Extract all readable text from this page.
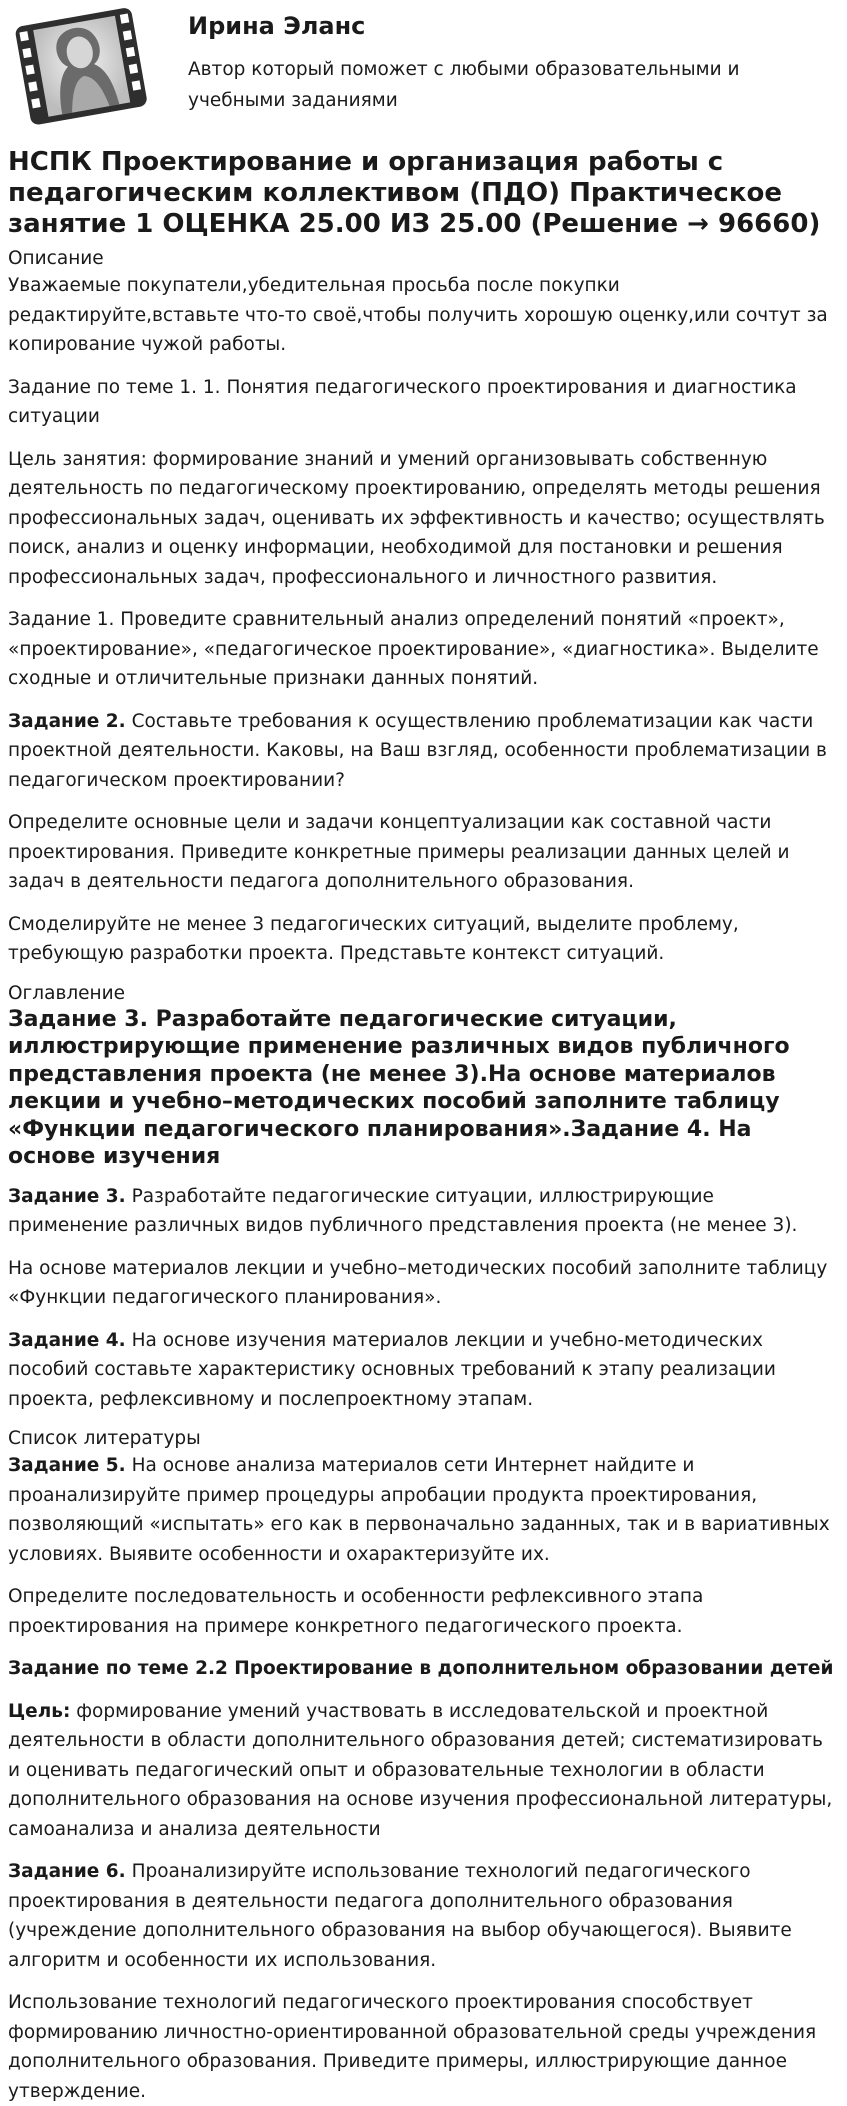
Ирина Эланс
Автор который поможет с любыми образовательными и
учебными заданиями
НСПК Проектирование и организация работы с педагогическим коллективом (ПДО) Практическое занятие 1 ОЦЕНКА 25.00 ИЗ 25.00 (Решение → 96660)
Описание

Уважаемые покупатели,убедительная просьба после покупки редактируйте,вставьте что-то своё,чтобы получить хорошую оценку,или сочтут за копирование чужой работы.

Задание по теме 1. 1. Понятия педагогического проектирования и диагностика ситуации

Цель занятия: формирование знаний и умений организовывать собственную деятельность по педагогическому проектированию, определять методы решения профессиональных задач, оценивать их эффективность и качество; осуществлять поиск, анализ и оценку информации, необходимой для постановки и решения профессиональных задач, профессионального и личностного развития.

Задание 1. Проведите сравнительный анализ определений понятий «проект», «проектирование», «педагогическое проектирование», «диагностика». Выделите сходные и отличительные признаки данных понятий.

Задание 2. Составьте требования к осуществлению проблематизации как части проектной деятельности. Каковы, на Ваш взгляд, особенности проблематизации в педагогическом проектировании?

Определите основные цели и задачи концептуализации как составной части проектирования. Приведите конкретные примеры реализации данных целей и задач в деятельности педагога дополнительного образования.

Смоделируйте не менее 3 педагогических ситуаций, выделите проблему, требующую разработки проекта. Представьте контекст ситуаций.

Оглавление
Задание 3. Разработайте педагогические ситуации, иллюстрирующие применение различных видов публичного представления проекта (не менее 3).На основе материалов лекции и учебно–методических пособий заполните таблицу «Функции педагогического планирования».Задание 4. На основе изучения

Задание 3. Разработайте педагогические ситуации, иллюстрирующие применение различных видов публичного представления проекта (не менее 3).

На основе материалов лекции и учебно–методических пособий заполните таблицу «Функции педагогического планирования».

Задание 4. На основе изучения материалов лекции и учебно-методических пособий составьте характеристику основных требований к этапу реализации проекта, рефлексивному и послепроектному этапам.

Список литературы

Задание 5. На основе анализа материалов сети Интернет найдите и проанализируйте пример процедуры апробации продукта проектирования, позволяющий «испытать» его как в первоначально заданных, так и в вариативных условиях. Выявите особенности и охарактеризуйте их.

Определите последовательность и особенности рефлексивного этапа проектирования на примере конкретного педагогического проекта.

Задание по теме 2.2 Проектирование в дополнительном образовании детей

Цель: формирование умений участвовать в исследовательской и проектной деятельности в области дополнительного образования детей; систематизировать и оценивать педагогический опыт и образовательные технологии в области дополнительного образования на основе изучения профессиональной литературы, самоанализа и анализа деятельности

Задание 6. Проанализируйте использование технологий педагогического проектирования в деятельности педагога дополнительного образования (учреждение дополнительного образования на выбор обучающегося). Выявите алгоритм и особенности их использования.

Использование технологий педагогического проектирования способствует формированию личностно-ориентированной образовательной среды учреждения дополнительного образования. Приведите примеры, иллюстрирующие данное утверждение.
